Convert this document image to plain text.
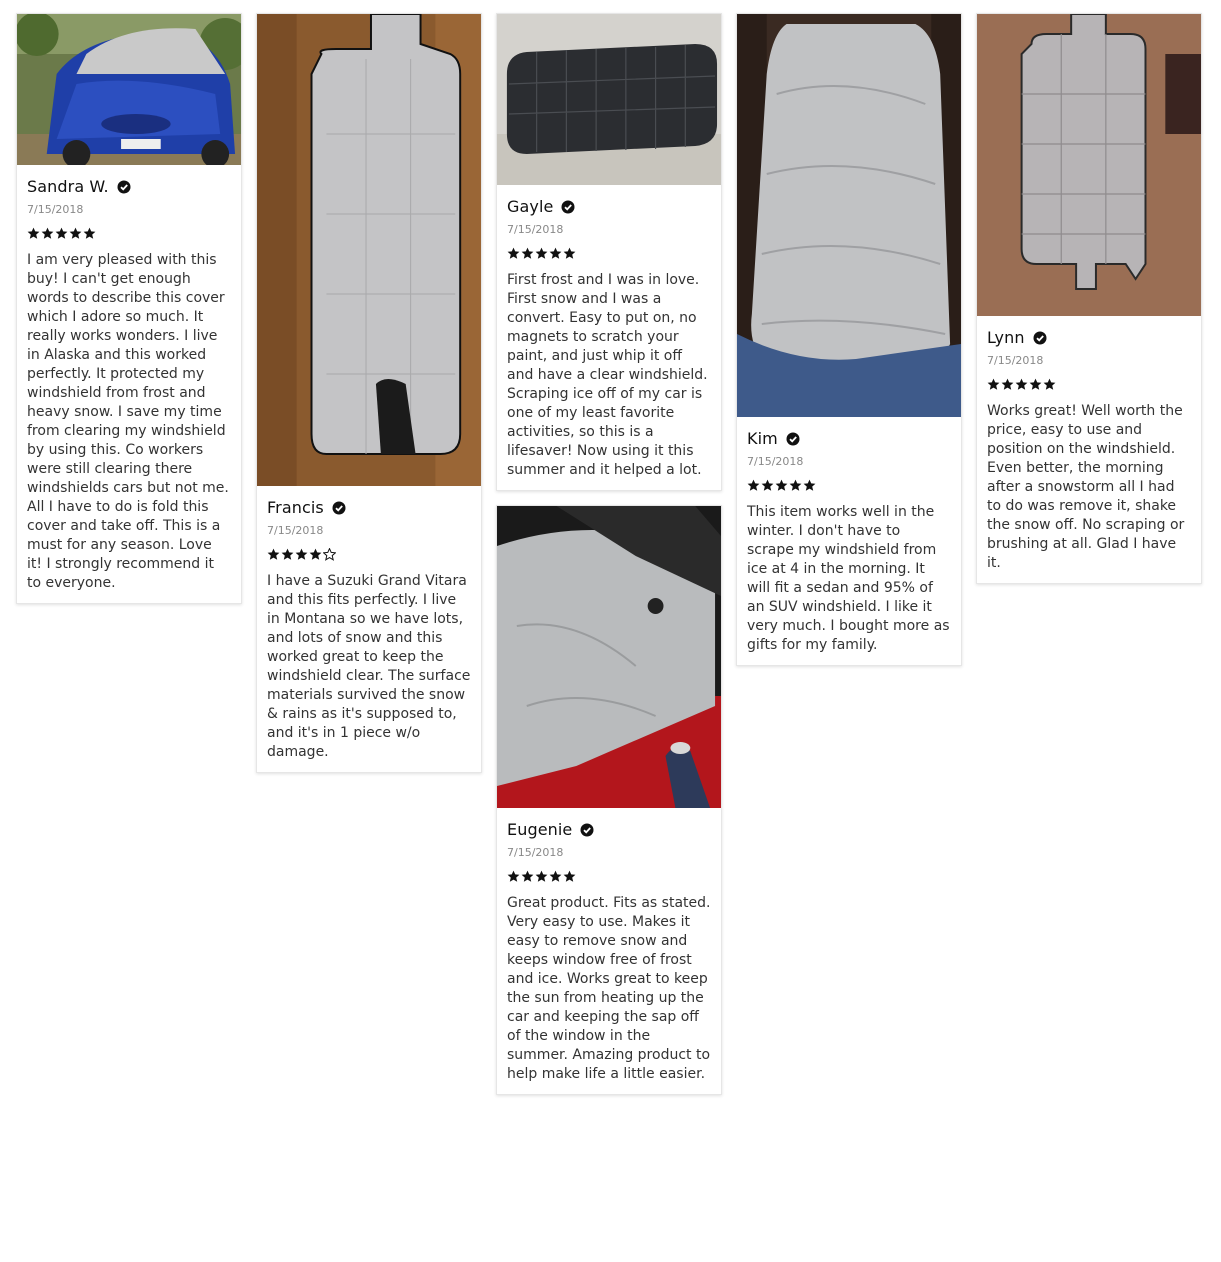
Sandra W.
7/15/2018
I am very pleased with this buy! I can't get enough words to describe this cover which I adore so much. It really works wonders. I live in Alaska and this worked perfectly. It protected my windshield from frost and heavy snow. I save my time from clearing my windshield by using this. Co workers were still clearing there windshields cars but not me. All I have to do is fold this cover and take off. This is a must for any season. Love it! I strongly recommend it to everyone.
Francis
7/15/2018
I have a Suzuki Grand Vitara and this fits perfectly. I live in Montana so we have lots, and lots of snow and this worked great to keep the windshield clear. The surface materials survived the snow & rains as it's supposed to, and it's in 1 piece w/o damage.
Gayle
7/15/2018
First frost and I was in love. First snow and I was a convert. Easy to put on, no magnets to scratch your paint, and just whip it off and have a clear windshield. Scraping ice off of my car is one of my least favorite activities, so this is a lifesaver! Now using it this summer and it helped a lot.
Eugenie
7/15/2018
Great product. Fits as stated. Very easy to use. Makes it easy to remove snow and keeps window free of frost and ice. Works great to keep the sun from heating up the car and keeping the sap off of the window in the summer. Amazing product to help make life a little easier.
Kim
7/15/2018
This item works well in the winter. I don't have to scrape my windshield from ice at 4 in the morning. It will fit a sedan and 95% of an SUV windshield. I like it very much. I bought more as gifts for my family.
Lynn
7/15/2018
Works great! Well worth the price, easy to use and position on the windshield. Even better, the morning after a snowstorm all I had to do was remove it, shake the snow off. No scraping or brushing at all. Glad I have it.
